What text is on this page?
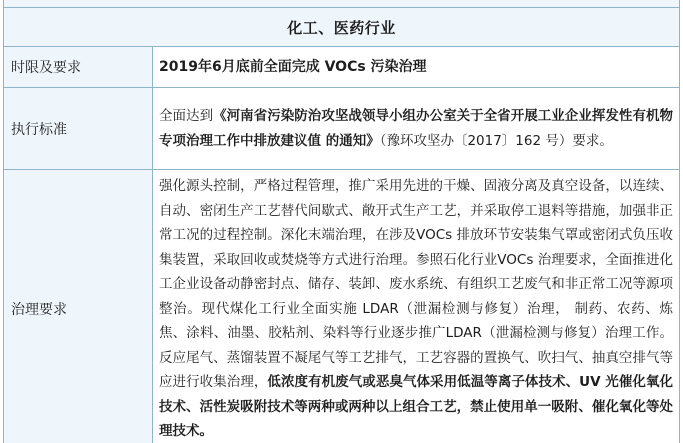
化工、医药行业	
时限及要求	2019年6月底前全面完成 VOCs 污染治理
执行标准	全面达到《河南省污染防治攻坚战领导小组办公室关于全省开展工业企业挥发性有机物专项治理工作中排放建议值 的通知》（豫环攻坚办〔2017〕162 号）要求。
治理要求	强化源头控制，严格过程管理，推广采用先进的干燥、固液分离及真空设备，以连续、自动、密闭生产工艺替代间歇式、敞开式生产工艺，并采取停工退料等措施，加强非正常工况的过程控制。深化末端治理，在涉及VOCs 排放环节安装集气罩或密闭式负压收集装置，采取回收或焚烧等方式进行治理。参照石化行业VOCs 治理要求，全面推进化工企业设备动静密封点、储存、装卸、废水系统、有组织工艺废气和非正常工况等源项整治。现代煤化工行业全面实施 LDAR（泄漏检测与修复）治理， 制药、农药、炼焦、涂料、油墨、胶粘剂、染料等行业逐步推广LDAR（泄漏检测与修复）治理工作。反应尾气、蒸馏装置不凝尾气等工艺排气，工艺容器的置换气、吹扫气、抽真空排气等应进行收集治理，低浓度有机废气或恶臭气体采用低温等离子体技术、UV 光催化氧化技术、活性炭吸附技术等两种或两种以上组合工艺，禁止使用单一吸附、催化氧化等处理技术。
